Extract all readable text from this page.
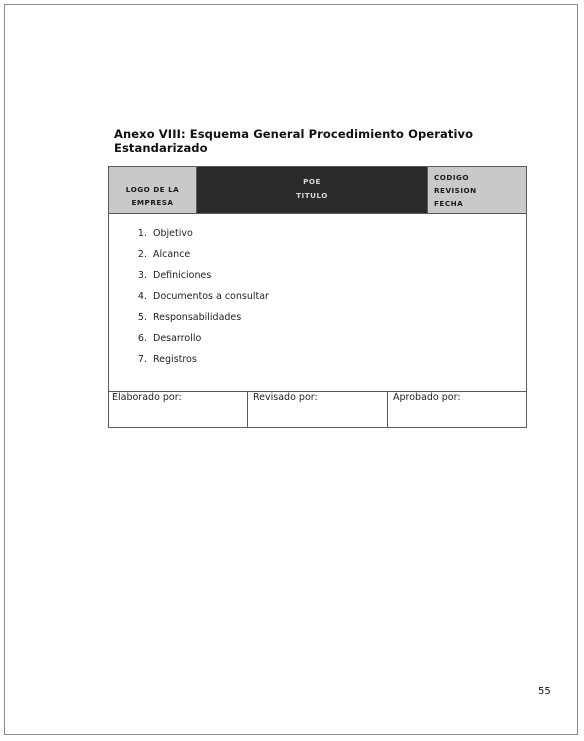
Anexo VIII: Esquema General Procedimiento Operativo Estandarizado
LOGO DE LA
EMPRESA
POE
TITULO
CODIGO
REVISION
FECHA
1. Objetivo
2. Alcance
3. Definiciones
4. Documentos a consultar
5. Responsabilidades
6. Desarrollo
7. Registros
Elaborado por:	Revisado por:	Aprobado por:
55
